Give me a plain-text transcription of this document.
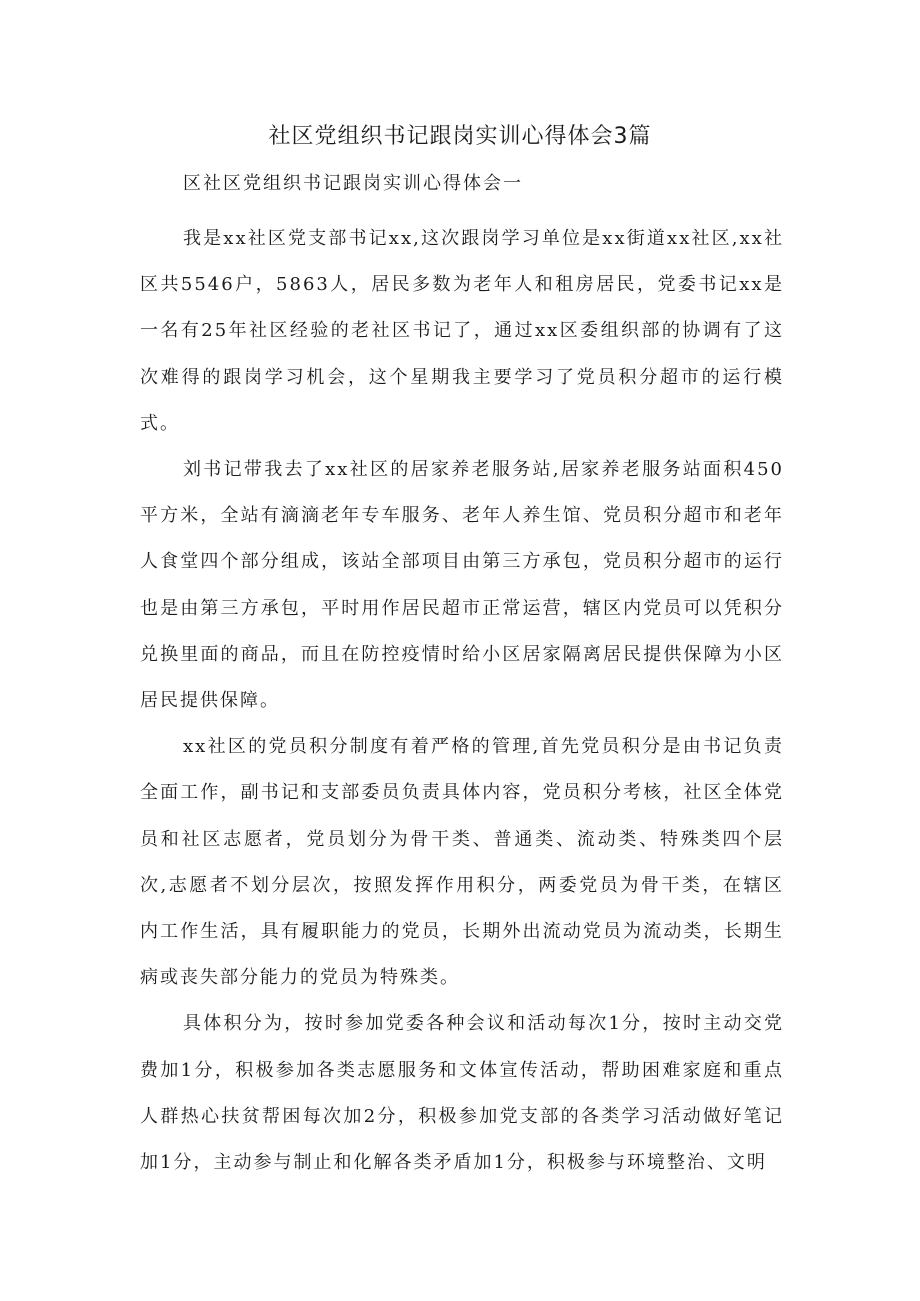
社区党组织书记跟岗实训心得体会3篇
区社区党组织书记跟岗实训心得体会一

我是xx社区党支部书记xx,这次跟岗学习单位是xx街道xx社区,xx社区共5546户，5863人，居民多数为老年人和租房居民，党委书记xx是一名有25年社区经验的老社区书记了，通过xx区委组织部的协调有了这次难得的跟岗学习机会，这个星期我主要学习了党员积分超市的运行模式。

刘书记带我去了xx社区的居家养老服务站,居家养老服务站面积450平方米，全站有滴滴老年专车服务、老年人养生馆、党员积分超市和老年人食堂四个部分组成，该站全部项目由第三方承包，党员积分超市的运行也是由第三方承包，平时用作居民超市正常运营，辖区内党员可以凭积分兑换里面的商品，而且在防控疫情时给小区居家隔离居民提供保障为小区居民提供保障。

xx社区的党员积分制度有着严格的管理,首先党员积分是由书记负责全面工作，副书记和支部委员负责具体内容，党员积分考核，社区全体党员和社区志愿者，党员划分为骨干类、普通类、流动类、特殊类四个层次,志愿者不划分层次，按照发挥作用积分，两委党员为骨干类，在辖区内工作生活，具有履职能力的党员，长期外出流动党员为流动类，长期生病或丧失部分能力的党员为特殊类。

具体积分为，按时参加党委各种会议和活动每次1分，按时主动交党费加1分，积极参加各类志愿服务和文体宣传活动，帮助困难家庭和重点人群热心扶贫帮困每次加2分，积极参加党支部的各类学习活动做好笔记加1分，主动参与制止和化解各类矛盾加1分，积极参与环境整治、文明
